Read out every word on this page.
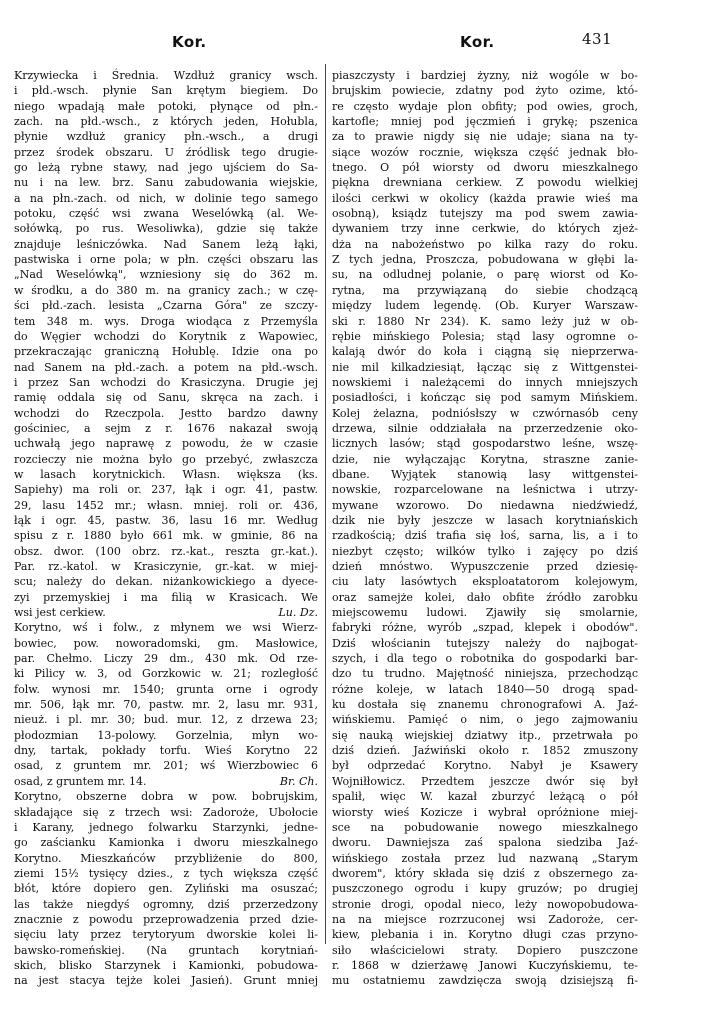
Kor.	Kor.	431
Krzywiecka i Średnia. Wzdłuż granicy wsch.
i płd.-wsch. płynie San krętym biegiem. Do
niego wpadają małe potoki, płynące od płn.-
zach. na płd.-wsch., z których jeden, Hołubla,
płynie wzdłuż granicy płn.-wsch., a drugi
przez środek obszaru. U źródlisk tego drugie-
go leżą rybne stawy, nad jego ujściem do Sa-
nu i na lew. brz. Sanu zabudowania wiejskie,
a na płn.-zach. od nich, w dolinie tego samego
potoku, część wsi zwana Weselówką (al. We-
sołówką, po rus. Wesoliwka), gdzie się także
znajduje leśniczówka. Nad Sanem leżą łąki,
pastwiska i orne pola; w płn. części obszaru las
„Nad Weselówką", wzniesiony się do 362 m.
w środku, a do 380 m. na granicy zach.; w czę-
ści płd.-zach. lesista „Czarna Góra" ze szczy-
tem 348 m. wys. Droga wiodąca z Przemyśla
do Węgier wchodzi do Korytnik z Wapowiec,
przekraczając graniczną Hołublę. Idzie ona po
nad Sanem na płd.-zach. a potem na płd.-wsch.
i przez San wchodzi do Krasiczyna. Drugie jej
ramię oddala się od Sanu, skręca na zach. i
wchodzi do Rzeczpola. Jestto bardzo dawny
gościniec, a sejm z r. 1676 nakazał swoją
uchwałą jego naprawę z powodu, że w czasie
rozcieczy nie można było go przebyć, zwłaszcza
w lasach korytnickich. Własn. większa (ks.
Sapiehy) ma roli or. 237, łąk i ogr. 41, pastw.
29, lasu 1452 mr.; własn. mniej. roli or. 436,
łąk i ogr. 45, pastw. 36, lasu 16 mr. Według
spisu z r. 1880 było 661 mk. w gminie, 86 na
obsz. dwor. (100 obrz. rz.-kat., reszta gr.-kat.).
Par. rz.-katol. w Krasiczynie, gr.-kat. w miej-
scu; należy do dekan. niżankowickiego a dyece-
zyi przemyskiej i ma filią w Krasicach. We
wsi jest cerkiew.	Lu. Dz.
Korytno, wś i folw., z młynem we wsi Wierz-
bowiec, pow. noworadomski, gm. Masłowice,
par. Chełmo. Liczy 29 dm., 430 mk. Od rze-
ki Pilicy w. 3, od Gorzkowic w. 21; rozległość
folw. wynosi mr. 1540; grunta orne i ogrody
mr. 506, łąk mr. 70, pastw. mr. 2, lasu mr. 931,
nieuż. i pl. mr. 30; bud. mur. 12, z drzewa 23;
płodozmian 13-polowy. Gorzelnia, młyn wo-
dny, tartak, pokłady torfu. Wieś Korytno 22
osad, z gruntem mr. 201; wś Wierzbowiec 6
osad, z gruntem mr. 14.	Br. Ch.
Korytno, obszerne dobra w pow. bobrujskim,
składające się z trzech wsi: Zadoroże, Ubołocie
i Karany, jednego folwarku Starzynki, jedne-
go zaścianku Kamionka i dworu mieszkalnego
Korytno. Mieszkańców przybliżenie do 800,
ziemi 15½ tysięcy dzies., z tych większa część
błót, które dopiero gen. Zyliński ma osuszać;
las także niegdyś ogromny, dziś przerzedzony
znacznie z powodu przeprowadzenia przed dzie-
sięciu laty przez terytoryum dworskie kolei li-
bawsko-romeńskiej. (Na gruntach korytniań-
skich, blisko Starzynek i Kamionki, pobudowa-
na jest stacya tejże kolei Jasień). Grunt mniej
piaszczysty i bardziej żyzny, niż wogóle w bo-
brujskim powiecie, zdatny pod żyto ozime, któ-
re często wydaje plon obfity; pod owies, groch,
kartofle; mniej pod jęczmień i grykę; pszenica
za to prawie nigdy się nie udaje; siana na ty-
siące wozów rocznie, większa część jednak bło-
tnego. O pół wiorsty od dworu mieszkalnego
piękna drewniana cerkiew. Z powodu wielkiej
ilości cerkwi w okolicy (każda prawie wieś ma
osobną), ksiądz tutejszy ma pod swem zawia-
dywaniem trzy inne cerkwie, do których zjeż-
dża na nabożeństwo po kilka razy do roku.
Z tych jedna, Proszcza, pobudowana w głębi la-
su, na odludnej polanie, o parę wiorst od Ko-
rytna, ma przywiązaną do siebie chodzącą
między ludem legendę. (Ob. Kuryer Warszaw-
ski r. 1880 Nr 234). K. samo leży już w ob-
rębie mińskiego Polesia; stąd lasy ogromne o-
kalają dwór do koła i ciągną się nieprzerwa-
nie mil kilkadziesiąt, łącząc się z Wittgenstei-
nowskiemi i należącemi do innych mniejszych
posiadłości, i kończąc się pod samym Mińskiem.
Kolej żelazna, podniósłszy w czwórnasób ceny
drzewa, silnie oddziałała na przerzedzenie oko-
licznych lasów; stąd gospodarstwo leśne, wszę-
dzie, nie wyłączając Korytna, straszne zanie-
dbane. Wyjątek stanowią lasy wittgenstei-
nowskie, rozparcelowane na leśnictwa i utrzy-
mywane wzorowo. Do niedawna niedźwiedź,
dzik nie były jeszcze w lasach korytniańskich
rzadkością; dziś trafia się łoś, sarna, lis, a i to
niezbyt często; wilków tylko i zajęcy po dziś
dzień mnóstwo. Wypuszczenie przed dziesię-
ciu laty lasówtych eksploatatorom kolejowym,
oraz samejże kolei, dało obfite źródło zarobku
miejscowemu ludowi. Zjawiły się smolarnie,
fabryki różne, wyrób „szpad, klepek i obodów".
Dziś włościanin tutejszy należy do najbogat-
szych, i dla tego o robotnika do gospodarki bar-
dzo tu trudno. Majętność niniejsza, przechodząc
różne koleje, w latach 1840—50 drogą spad-
ku dostała się znanemu chronografowi A. Jaź-
wińskiemu. Pamięć o nim, o jego zajmowaniu
się nauką wiejskiej dziatwy itp., przetrwała po
dziś dzień. Jaźwiński około r. 1852 zmuszony
był odprzedać Korytno. Nabył je Ksawery
Wojniłłowicz. Przedtem jeszcze dwór się był
spalił, więc W. kazał zburzyć leżącą o pół
wiorsty wieś Kozicze i wybrał opróżnione miej-
sce na pobudowanie nowego mieszkalnego
dworu. Dawniejsza zaś spalona siedziba Jaź-
wińskiego została przez lud nazwaną „Starym
dworem", który składa się dziś z obszernego za-
puszczonego ogrodu i kupy gruzów; po drugiej
stronie drogi, opodal nieco, leży nowopobudowa-
na na miejsce rozrzuconej wsi Zadoroże, cer-
kiew, plebania i in. Korytno długi czas przyno-
siło właścicielowi straty. Dopiero puszczone
r. 1868 w dzierżawę Janowi Kuczyńskiemu, te-
mu ostatniemu zawdzięcza swoją dzisiejszą fi-
